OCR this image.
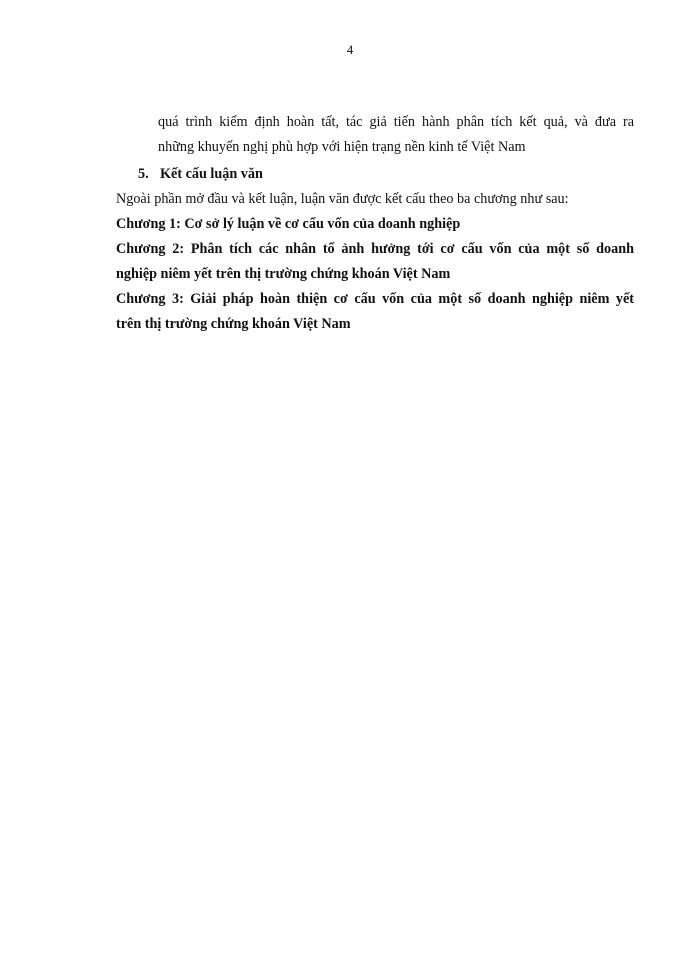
4
quá trình kiểm định hoàn tất, tác giả tiến hành phân tích kết quả, và đưa ra
những khuyến nghị phù hợp với hiện trạng nền kinh tế Việt Nam
5. Kết cấu luận văn

Ngoài phần mở đầu và kết luận, luận văn được kết cấu theo ba chương như sau:

Chương 1: Cơ sở lý luận về cơ cấu vốn của doanh nghiệp
Chương 2: Phân tích các nhân tố ảnh hưởng tới cơ cấu vốn của một số doanh
nghiệp niêm yết trên thị trường chứng khoán Việt Nam
Chương 3: Giải pháp hoàn thiện cơ cấu vốn của một số doanh nghiệp niêm yết
trên thị trường chứng khoán Việt Nam
